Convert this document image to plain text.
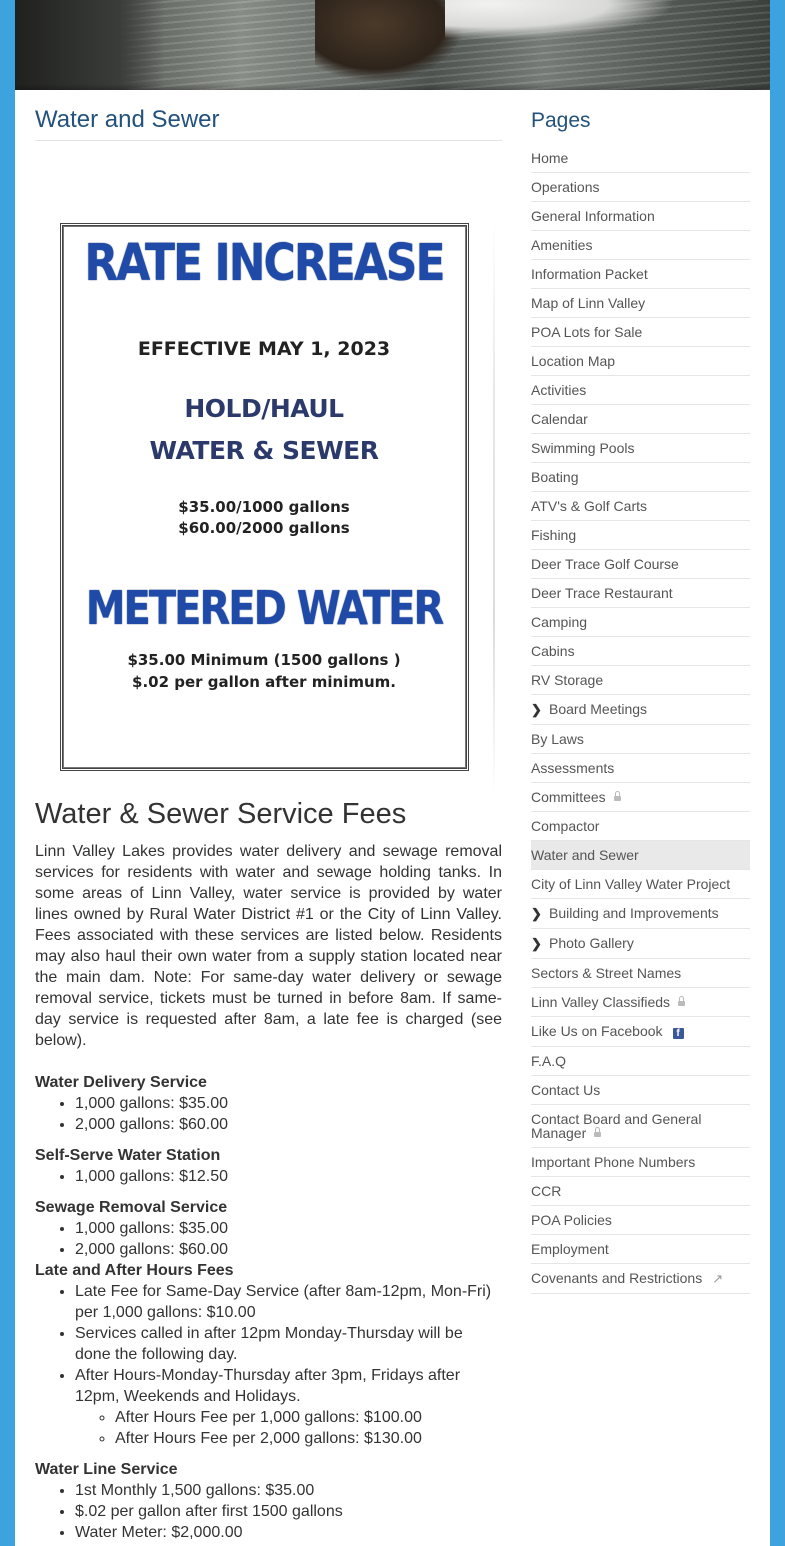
Water and Sewer
RATE INCREASE
EFFECTIVE MAY 1, 2023
HOLD/HAUL
WATER & SEWER
$35.00/1000 gallons
$60.00/2000 gallons
METERED WATER
$35.00 Minimum (1500 gallons )
$.02 per gallon after minimum.
Water & Sewer Service Fees

Linn Valley Lakes provides water delivery and sewage removal services for residents with water and sewage holding tanks. In some areas of Linn Valley, water service is provided by water lines owned by Rural Water District #1 or the City of Linn Valley. Fees associated with these services are listed below. Residents may also haul their own water from a supply station located near the main dam. Note: For same-day water delivery or sewage removal service, tickets must be turned in before 8am. If same-day service is requested after 8am, a late fee is charged (see below).

Water Delivery Service

• 1,000 gallons: $35.00
• 2,000 gallons: $60.00

Self-Serve Water Station

• 1,000 gallons: $12.50

Sewage Removal Service

• 1,000 gallons: $35.00
• 2,000 gallons: $60.00

Late and After Hours Fees

• Late Fee for Same-Day Service (after 8am-12pm, Mon-Fri) per 1,000 gallons: $10.00
• Services called in after 12pm Monday-Thursday will be done the following day.
• After Hours-Monday-Thursday after 3pm, Fridays after 12pm, Weekends and Holidays.
◦ After Hours Fee per 1,000 gallons: $100.00
◦ After Hours Fee per 2,000 gallons: $130.00

Water Line Service

• 1st Monthly 1,500 gallons: $35.00
• $.02 per gallon after first 1500 gallons
• Water Meter: $2,000.00
Pages
Home
Operations
General Information
Amenities
Information Packet
Map of Linn Valley
POA Lots for Sale
Location Map
Activities
Calendar
Swimming Pools
Boating
ATV's & Golf Carts
Fishing
Deer Trace Golf Course
Deer Trace Restaurant
Camping
Cabins
RV Storage
❯ Board Meetings
By Laws
Assessments
Committees
Compactor
Water and Sewer
City of Linn Valley Water Project
❯ Building and Improvements
❯ Photo Gallery
Sectors & Street Names
Linn Valley Classifieds
Like Us on Facebook f
F.A.Q
Contact Us
Contact Board and General Manager
Important Phone Numbers
CCR
POA Policies
Employment
Covenants and Restrictions ↗
